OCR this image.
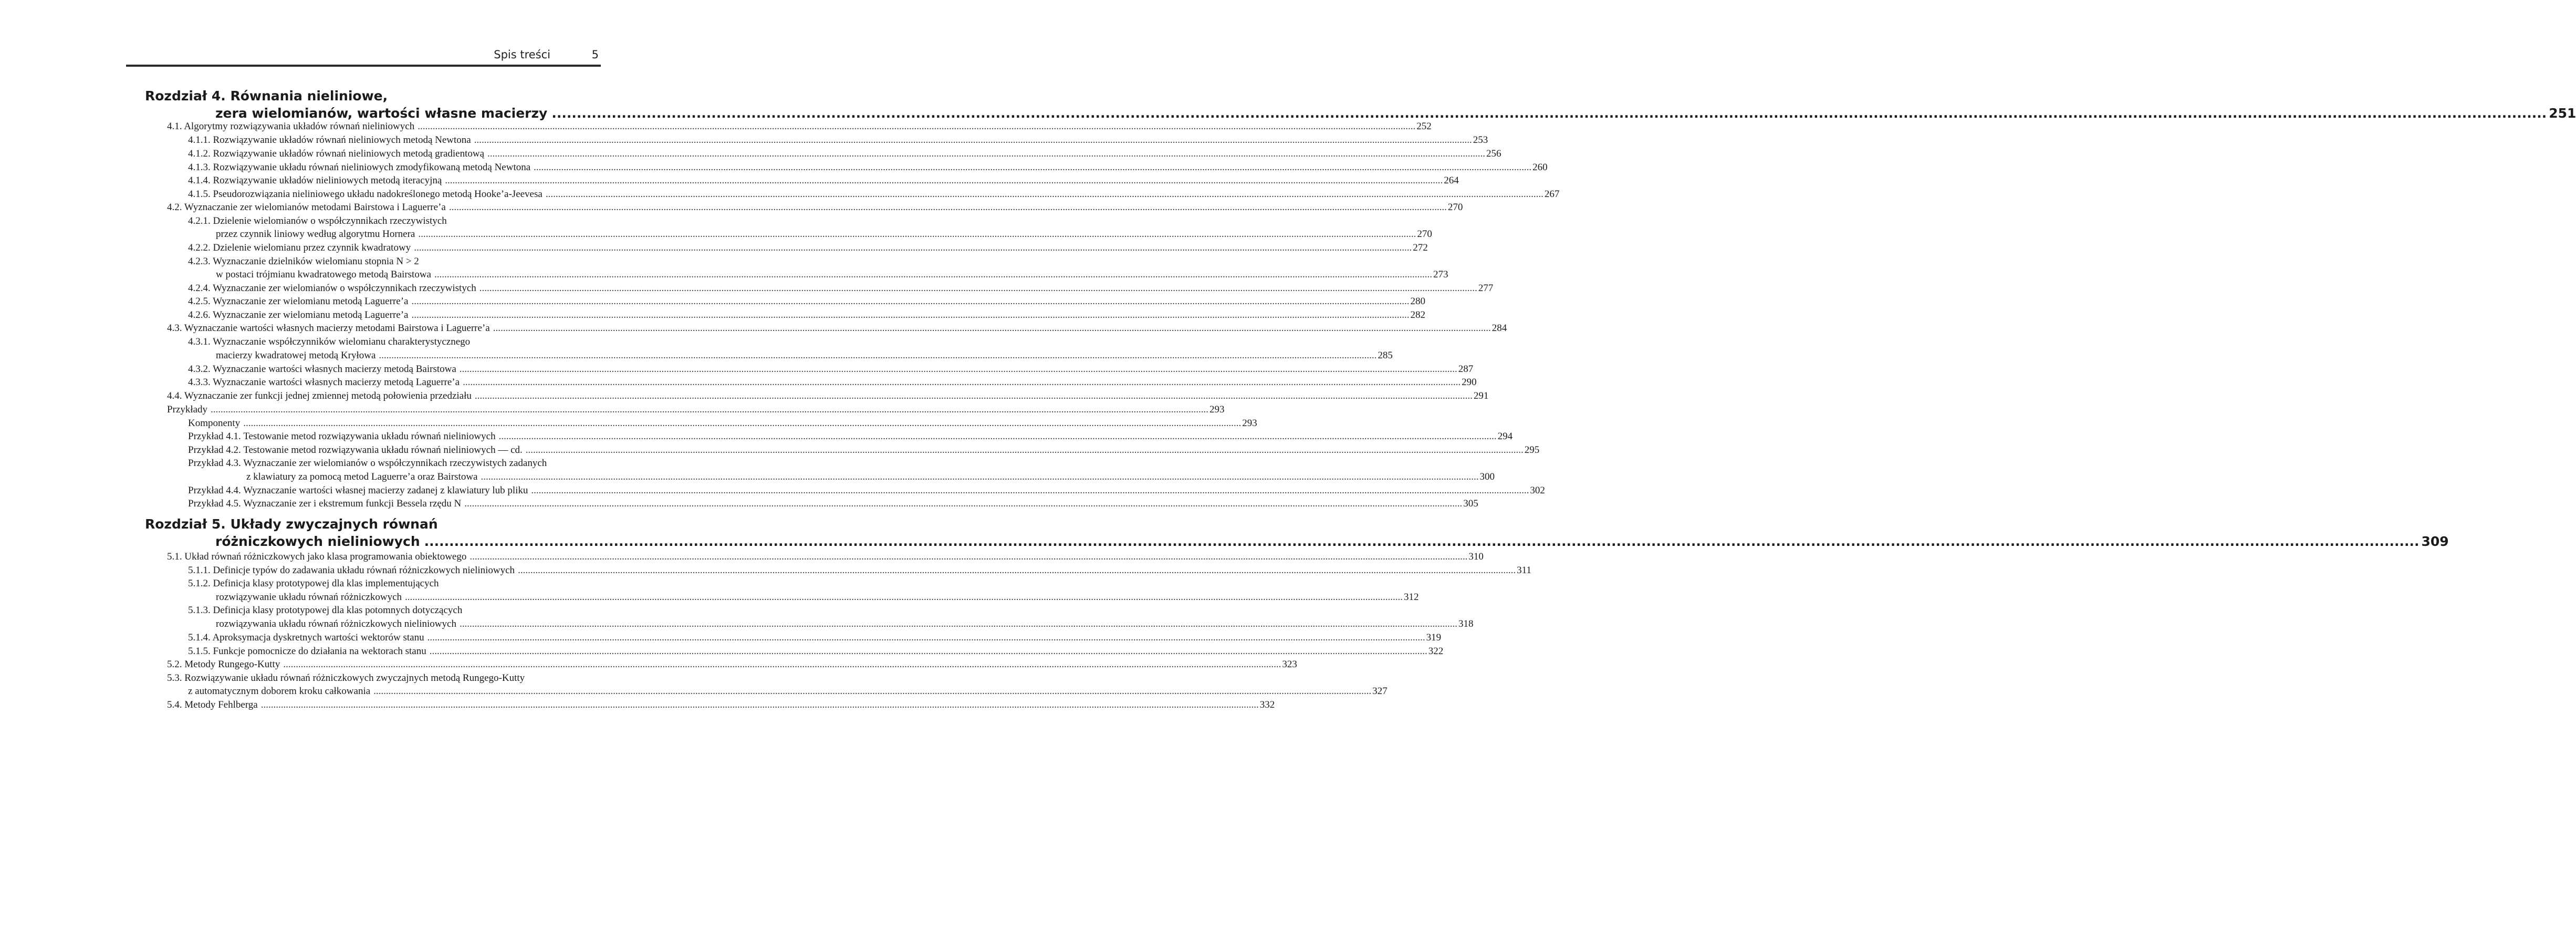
Spis treści	5
Rozdział 4. Równania nieliniowe,
zera wielomianów, wartości własne macierzy ................................................................................................................................................................................................................................................................................................................................................................................................................ 251
Rozdział 5. Układy zwyczajnych równań
różniczkowych nieliniowych ................................................................................................................................................................................................................................................................................................................................................................................................................ 309
4.1. Algorytmy rozwiązywania układów równań nieliniowych ................................................................................................................................................................................................................................................................................................................................................................................................................ 252
4.1.1. Rozwiązywanie układów równań nieliniowych metodą Newtona ................................................................................................................................................................................................................................................................................................................................................................................................................ 253
4.1.2. Rozwiązywanie układów równań nieliniowych metodą gradientową ................................................................................................................................................................................................................................................................................................................................................................................................................ 256
4.1.3. Rozwiązywanie układu równań nieliniowych zmodyfikowaną metodą Newtona ................................................................................................................................................................................................................................................................................................................................................................................................................ 260
4.1.4. Rozwiązywanie układów nieliniowych metodą iteracyjną ................................................................................................................................................................................................................................................................................................................................................................................................................ 264
4.1.5. Pseudorozwiązania nieliniowego układu nadokreślonego metodą Hooke’a-Jeevesa ................................................................................................................................................................................................................................................................................................................................................................................................................ 267
4.2. Wyznaczanie zer wielomianów metodami Bairstowa i Laguerre’a ................................................................................................................................................................................................................................................................................................................................................................................................................ 270
4.2.1. Dzielenie wielomianów o współczynnikach rzeczywistych
przez czynnik liniowy według algorytmu Hornera ................................................................................................................................................................................................................................................................................................................................................................................................................ 270
4.2.2. Dzielenie wielomianu przez czynnik kwadratowy ................................................................................................................................................................................................................................................................................................................................................................................................................ 272
4.2.3. Wyznaczanie dzielników wielomianu stopnia N > 2
w postaci trójmianu kwadratowego metodą Bairstowa ................................................................................................................................................................................................................................................................................................................................................................................................................ 273
4.2.4. Wyznaczanie zer wielomianów o współczynnikach rzeczywistych ................................................................................................................................................................................................................................................................................................................................................................................................................ 277
4.2.5. Wyznaczanie zer wielomianu metodą Laguerre’a ................................................................................................................................................................................................................................................................................................................................................................................................................ 280
4.2.6. Wyznaczanie zer wielomianu metodą Laguerre’a ................................................................................................................................................................................................................................................................................................................................................................................................................ 282
4.3. Wyznaczanie wartości własnych macierzy metodami Bairstowa i Laguerre’a ................................................................................................................................................................................................................................................................................................................................................................................................................ 284
4.3.1. Wyznaczanie współczynników wielomianu charakterystycznego
macierzy kwadratowej metodą Kryłowa ................................................................................................................................................................................................................................................................................................................................................................................................................ 285
4.3.2. Wyznaczanie wartości własnych macierzy metodą Bairstowa ................................................................................................................................................................................................................................................................................................................................................................................................................ 287
4.3.3. Wyznaczanie wartości własnych macierzy metodą Laguerre’a ................................................................................................................................................................................................................................................................................................................................................................................................................ 290
4.4. Wyznaczanie zer funkcji jednej zmiennej metodą połowienia przedziału ................................................................................................................................................................................................................................................................................................................................................................................................................ 291
Przykłady ................................................................................................................................................................................................................................................................................................................................................................................................................ 293
Komponenty ................................................................................................................................................................................................................................................................................................................................................................................................................ 293
Przykład 4.1. Testowanie metod rozwiązywania układu równań nieliniowych ................................................................................................................................................................................................................................................................................................................................................................................................................ 294
Przykład 4.2. Testowanie metod rozwiązywania układu równań nieliniowych — cd. ................................................................................................................................................................................................................................................................................................................................................................................................................ 295
Przykład 4.3. Wyznaczanie zer wielomianów o współczynnikach rzeczywistych zadanych
z klawiatury za pomocą metod Laguerre’a oraz Bairstowa ................................................................................................................................................................................................................................................................................................................................................................................................................ 300
Przykład 4.4. Wyznaczanie wartości własnej macierzy zadanej z klawiatury lub pliku ................................................................................................................................................................................................................................................................................................................................................................................................................ 302
Przykład 4.5. Wyznaczanie zer i ekstremum funkcji Bessela rzędu N ................................................................................................................................................................................................................................................................................................................................................................................................................ 305
5.1. Układ równań różniczkowych jako klasa programowania obiektowego ................................................................................................................................................................................................................................................................................................................................................................................................................ 310
5.1.1. Definicje typów do zadawania układu równań różniczkowych nieliniowych ................................................................................................................................................................................................................................................................................................................................................................................................................ 311
5.1.2. Definicja klasy prototypowej dla klas implementujących
rozwiązywanie układu równań różniczkowych ................................................................................................................................................................................................................................................................................................................................................................................................................ 312
5.1.3. Definicja klasy prototypowej dla klas potomnych dotyczących
rozwiązywania układu równań różniczkowych nieliniowych ................................................................................................................................................................................................................................................................................................................................................................................................................ 318
5.1.4. Aproksymacja dyskretnych wartości wektorów stanu ................................................................................................................................................................................................................................................................................................................................................................................................................ 319
5.1.5. Funkcje pomocnicze do działania na wektorach stanu ................................................................................................................................................................................................................................................................................................................................................................................................................ 322
5.2. Metody Rungego-Kutty ................................................................................................................................................................................................................................................................................................................................................................................................................ 323
5.3. Rozwiązywanie układu równań różniczkowych zwyczajnych metodą Rungego-Kutty
z automatycznym doborem kroku całkowania ................................................................................................................................................................................................................................................................................................................................................................................................................ 327
5.4. Metody Fehlberga ................................................................................................................................................................................................................................................................................................................................................................................................................ 332
